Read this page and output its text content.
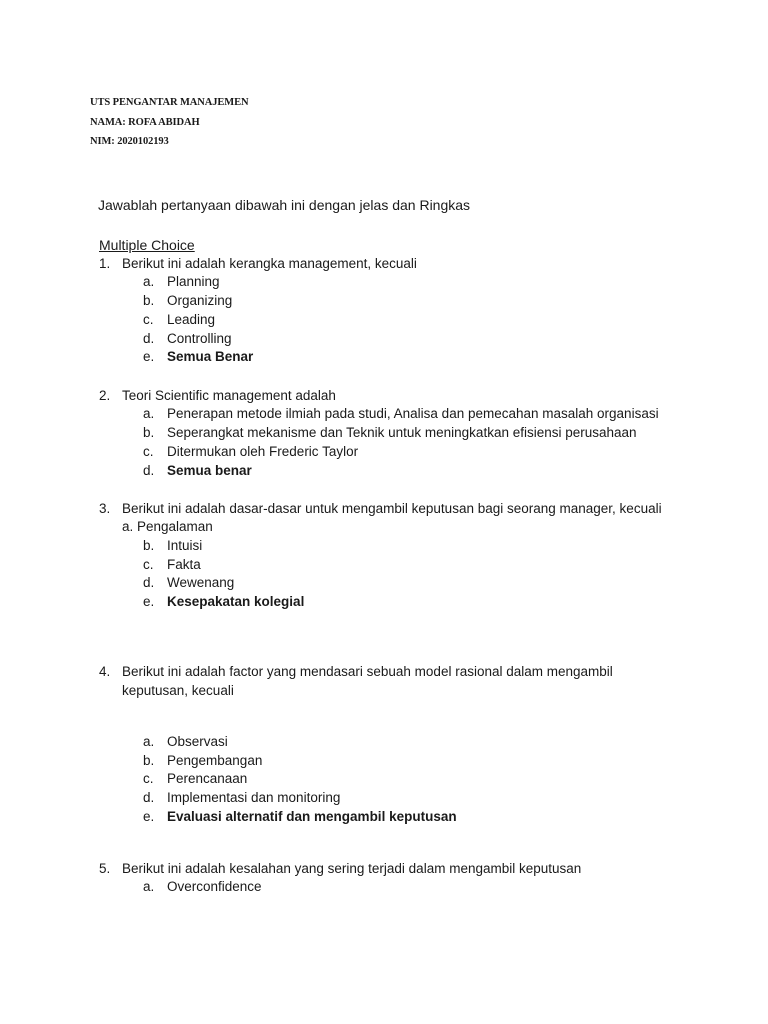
UTS PENGANTAR MANAJEMEN
NAMA: ROFA ABIDAH
NIM: 2020102193
Jawablah pertanyaan dibawah ini dengan jelas dan Ringkas
Multiple Choice
1. Berikut ini adalah kerangka management, kecuali
a. Planning
b. Organizing
c. Leading
d. Controlling
e. Semua Benar
2. Teori Scientific management adalah
a. Penerapan metode ilmiah pada studi, Analisa dan pemecahan masalah organisasi
b. Seperangkat mekanisme dan Teknik untuk meningkatkan efisiensi perusahaan
c. Ditermukan oleh Frederic Taylor
d. Semua benar
3. Berikut ini adalah dasar-dasar untuk mengambil keputusan bagi seorang manager, kecuali
a. Pengalaman
b. Intuisi
c. Fakta
d. Wewenang
e. Kesepakatan kolegial
4. Berikut ini adalah factor yang mendasari sebuah model rasional dalam mengambil
keputusan, kecuali
a. Observasi
b. Pengembangan
c. Perencanaan
d. Implementasi dan monitoring
e. Evaluasi alternatif dan mengambil keputusan
5. Berikut ini adalah kesalahan yang sering terjadi dalam mengambil keputusan
a. Overconfidence
